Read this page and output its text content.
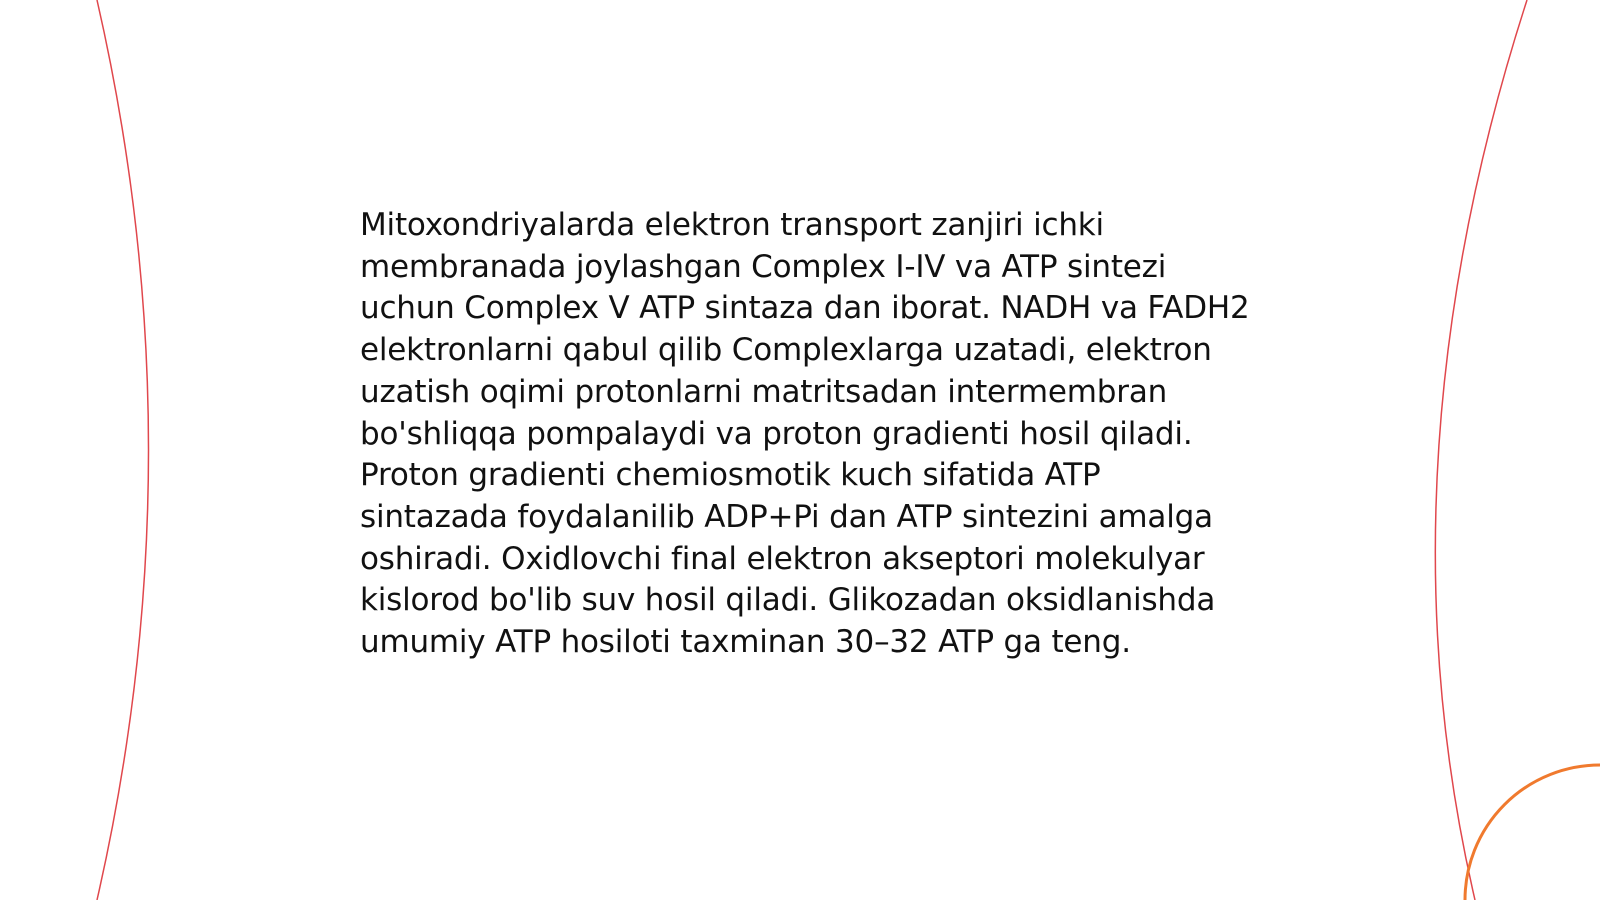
Mitoxondriyalarda elektron transport zanjiri ichki membranada joylashgan Complex I-IV va ATP sintezi uchun Complex V ATP sintaza dan iborat. NADH va FADH2 elektronlarni qabul qilib Complexlarga uzatadi, elektron uzatish oqimi protonlarni matritsadan intermembran bo'shliqqa pompalaydi va proton gradienti hosil qiladi. Proton gradienti chemiosmotik kuch sifatida ATP sintazada foydalanilib ADP+Pi dan ATP sintezini amalga oshiradi. Oxidlovchi final elektron akseptori molekulyar kislorod bo'lib suv hosil qiladi. Glikozadan oksidlanishda umumiy ATP hosiloti taxminan 30–32 ATP ga teng.
